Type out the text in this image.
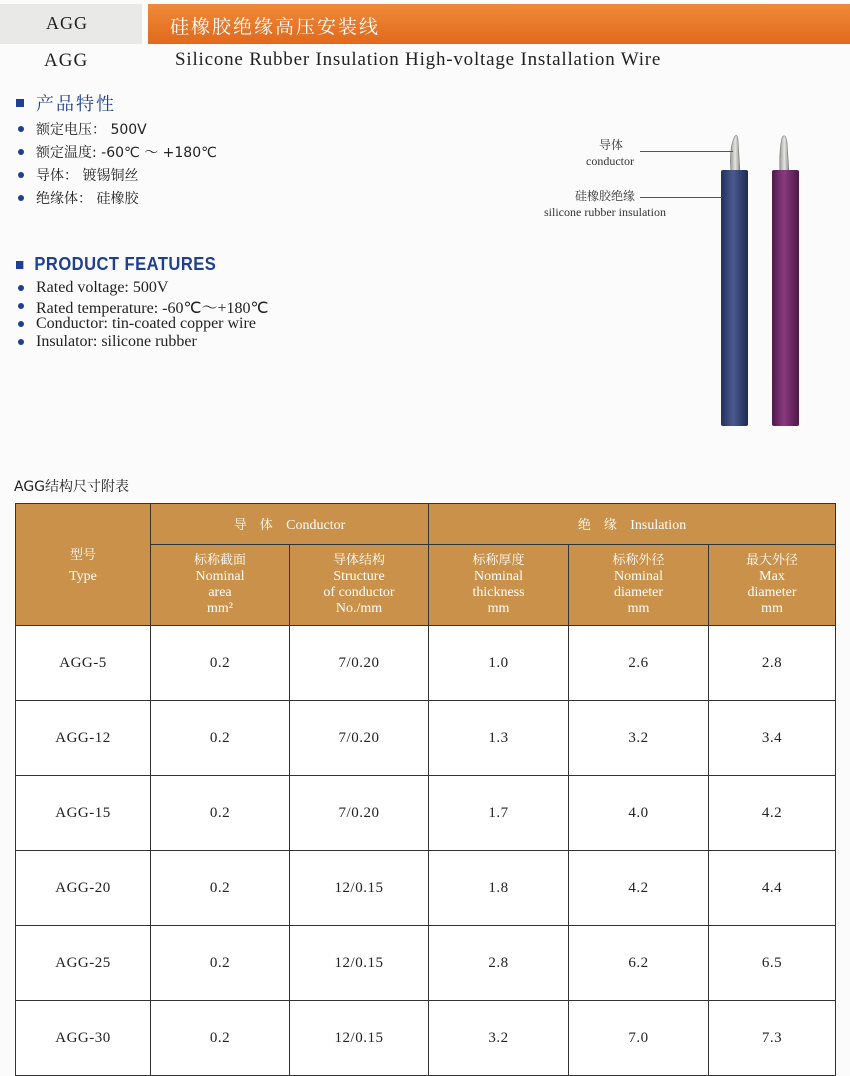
AGG	硅橡胶绝缘高压安装线
AGG	Silicone Rubber Insulation High-voltage Installation Wire
产品特性
额定电压： 500V
额定温度: -60℃ ～ +180℃
导体： 镀锡铜丝
绝缘体： 硅橡胶
PRODUCT FEATURES
Rated voltage: 500V
Rated temperature: -60℃～+180℃
Conductor: tin-coated copper wire
Insulator: silicone rubber
导体
conductor
硅橡胶绝缘
silicone rubber insulation
AGG结构尺寸附表
型号
Type	导　体 Conductor		绝　缘 Insulation		

	标称截面
Nominal
area
mm²	导体结构
Structure
of conductor
No./mm	标称厚度
Nominal
thickness
mm	标称外径
Nominal
diameter
mm	最大外径
Max
diameter
mm

AGG-5	0.2	7/0.20	1.0	2.6	2.8
AGG-12	0.2	7/0.20	1.3	3.2	3.4
AGG-15	0.2	7/0.20	1.7	4.0	4.2
AGG-20	0.2	12/0.15	1.8	4.2	4.4
AGG-25	0.2	12/0.15	2.8	6.2	6.5
AGG-30	0.2	12/0.15	3.2	7.0	7.3
